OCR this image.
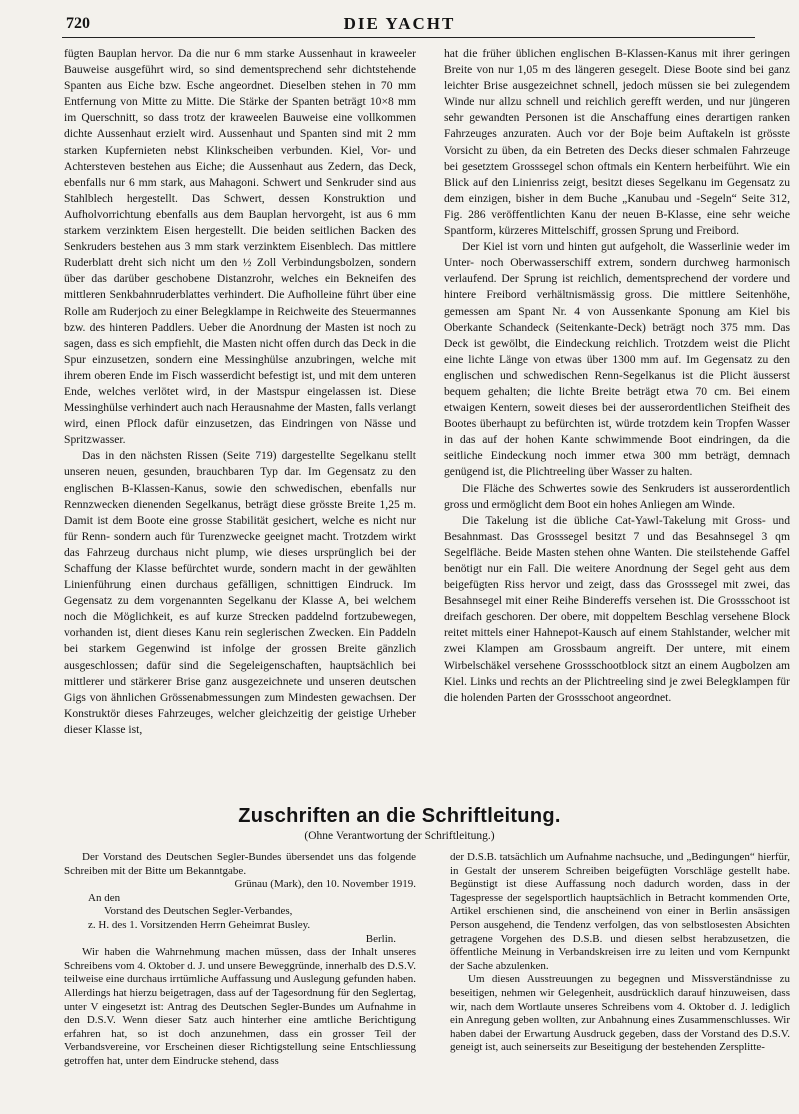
720	DIE YACHT

fügten Bauplan hervor. Da die nur 6 mm starke Aussenhaut in kraweeler Bauweise ausgeführt wird, so sind dementsprechend sehr dichtstehende Spanten aus Eiche bzw. Esche angeordnet. Dieselben stehen in 70 mm Entfernung von Mitte zu Mitte. Die Stärke der Spanten beträgt 10×8 mm im Querschnitt, so dass trotz der kraweelen Bauweise eine vollkommen dichte Aussenhaut erzielt wird. Aussenhaut und Spanten sind mit 2 mm starken Kupfernieten nebst Klinkscheiben verbunden. Kiel, Vor- und Achtersteven bestehen aus Eiche; die Aussenhaut aus Zedern, das Deck, ebenfalls nur 6 mm stark, aus Mahagoni. Schwert und Senkruder sind aus Stahlblech hergestellt. Das Schwert, dessen Konstruktion und Aufholvorrichtung ebenfalls aus dem Bauplan hervorgeht, ist aus 6 mm starkem verzinktem Eisen hergestellt. Die beiden seitlichen Backen des Senkruders bestehen aus 3 mm stark verzinktem Eisenblech. Das mittlere Ruderblatt dreht sich nicht um den ½ Zoll Verbindungsbolzen, sondern über das darüber geschobene Distanzrohr, welches ein Bekneifen des mittleren Senkbahnruderblattes verhindert. Die Aufholleine führt über eine Rolle am Ruderjoch zu einer Belegklampe in Reichweite des Steuermannes bzw. des hinteren Paddlers. Ueber die Anordnung der Masten ist noch zu sagen, dass es sich empfiehlt, die Masten nicht offen durch das Deck in die Spur einzusetzen, sondern eine Messinghülse anzubringen, welche mit ihrem oberen Ende im Fisch wasserdicht befestigt ist, und mit dem unteren Ende, welches verlötet wird, in der Mastspur eingelassen ist. Diese Messinghülse verhindert auch nach Herausnahme der Masten, falls verlangt wird, einen Pflock dafür einzusetzen, das Eindringen von Nässe und Spritzwasser.

Das in den nächsten Rissen (Seite 719) dargestellte Segelkanu stellt unseren neuen, gesunden, brauchbaren Typ dar. Im Gegensatz zu den englischen B-Klassen-Kanus, sowie den schwedischen, ebenfalls nur Rennzwecken dienenden Segelkanus, beträgt diese grösste Breite 1,25 m. Damit ist dem Boote eine grosse Stabilität gesichert, welche es nicht nur für Renn- sondern auch für Turenzwecke geeignet macht. Trotzdem wirkt das Fahrzeug durchaus nicht plump, wie dieses ursprünglich bei der Schaffung der Klasse befürchtet wurde, sondern macht in der gewählten Linienführung einen durchaus gefälligen, schnittigen Eindruck. Im Gegensatz zu dem vorgenannten Segelkanu der Klasse A, bei welchem noch die Möglichkeit, es auf kurze Strecken paddelnd fortzubewegen, vorhanden ist, dient dieses Kanu rein seglerischen Zwecken. Ein Paddeln bei starkem Gegenwind ist infolge der grossen Breite gänzlich ausgeschlossen; dafür sind die Segeleigenschaften, hauptsächlich bei mittlerer und stärkerer Brise ganz ausgezeichnete und unseren deutschen Gigs von ähnlichen Grössenabmessungen zum Mindesten gewachsen. Der Konstruktör dieses Fahrzeuges, welcher gleichzeitig der geistige Urheber dieser Klasse ist,

hat die früher üblichen englischen B-Klassen-Kanus mit ihrer geringen Breite von nur 1,05 m des längeren gesegelt. Diese Boote sind bei ganz leichter Brise ausgezeichnet schnell, jedoch müssen sie bei zulegendem Winde nur allzu schnell und reichlich gerefft werden, und nur jüngeren sehr gewandten Personen ist die Anschaffung eines derartigen ranken Fahrzeuges anzuraten. Auch vor der Boje beim Auftakeln ist grösste Vorsicht zu üben, da ein Betreten des Decks dieser schmalen Fahrzeuge bei gesetztem Grosssegel schon oftmals ein Kentern herbeiführt. Wie ein Blick auf den Linienriss zeigt, besitzt dieses Segelkanu im Gegensatz zu dem einzigen, bisher in dem Buche „Kanubau und -Segeln“ Seite 312, Fig. 286 veröffentlichten Kanu der neuen B-Klasse, eine sehr weiche Spantform, kürzeres Mittelschiff, grossen Sprung und Freibord.

Der Kiel ist vorn und hinten gut aufgeholt, die Wasserlinie weder im Unter- noch Oberwasserschiff extrem, sondern durchweg harmonisch verlaufend. Der Sprung ist reichlich, dementsprechend der vordere und hintere Freibord verhältnismässig gross. Die mittlere Seitenhöhe, gemessen am Spant Nr. 4 von Aussenkante Sponung am Kiel bis Oberkante Schandeck (Seitenkante-Deck) beträgt noch 375 mm. Das Deck ist gewölbt, die Eindeckung reichlich. Trotzdem weist die Plicht eine lichte Länge von etwas über 1300 mm auf. Im Gegensatz zu den englischen und schwedischen Renn-Segelkanus ist die Plicht äusserst bequem gehalten; die lichte Breite beträgt etwa 70 cm. Bei einem etwaigen Kentern, soweit dieses bei der ausserordentlichen Steifheit des Bootes überhaupt zu befürchten ist, würde trotzdem kein Tropfen Wasser in das auf der hohen Kante schwimmende Boot eindringen, da die seitliche Eindeckung noch immer etwa 300 mm beträgt, demnach genügend ist, die Plichtreeling über Wasser zu halten.

Die Fläche des Schwertes sowie des Senkruders ist ausserordentlich gross und ermöglicht dem Boot ein hohes Anliegen am Winde.

Die Takelung ist die übliche Cat-Yawl-Takelung mit Gross- und Besahnmast. Das Grosssegel besitzt 7 und das Besahnsegel 3 qm Segelfläche. Beide Masten stehen ohne Wanten. Die steilstehende Gaffel benötigt nur ein Fall. Die weitere Anordnung der Segel geht aus dem beigefügten Riss hervor und zeigt, dass das Grosssegel mit zwei, das Besahnsegel mit einer Reihe Bindereffs versehen ist. Die Grossschoot ist dreifach geschoren. Der obere, mit doppeltem Beschlag versehene Block reitet mittels einer Hahnepot-Kausch auf einem Stahlstander, welcher mit zwei Klampen am Grossbaum angreift. Der untere, mit einem Wirbelschäkel versehene Grossschootblock sitzt an einem Augbolzen am Kiel. Links und rechts an der Plichtreeling sind je zwei Belegklampen für die holenden Parten der Grossschoot angeordnet.

Zuschriften an die Schriftleitung.
(Ohne Verantwortung der Schriftleitung.)

Der Vorstand des Deutschen Segler-Bundes übersendet uns das folgende Schreiben mit der Bitte um Bekanntgabe.

Grünau (Mark), den 10. November 1919.

An den

Vorstand des Deutschen Segler-Verbandes,

z. H. des 1. Vorsitzenden Herrn Geheimrat Busley.

Berlin.

Wir haben die Wahrnehmung machen müssen, dass der Inhalt unseres Schreibens vom 4. Oktober d. J. und unsere Beweggründe, innerhalb des D.S.V. teilweise eine durchaus irrtümliche Auffassung und Auslegung gefunden haben. Allerdings hat hierzu beigetragen, dass auf der Tagesordnung für den Seglertag, unter V eingesetzt ist: Antrag des Deutschen Segler-Bundes um Aufnahme in den D.S.V. Wenn dieser Satz auch hinterher eine amtliche Berichtigung erfahren hat, so ist doch anzunehmen, dass ein grosser Teil der Verbandsvereine, vor Erscheinen dieser Richtigstellung seine Entschliessung getroffen hat, unter dem Eindrucke stehend, dass

der D.S.B. tatsächlich um Aufnahme nachsuche, und „Bedingungen“ hierfür, in Gestalt der unserem Schreiben beigefügten Vorschläge gestellt habe. Begünstigt ist diese Auffassung noch dadurch worden, dass in der Tagespresse der segelsportlich hauptsächlich in Betracht kommenden Orte, Artikel erschienen sind, die anscheinend von einer in Berlin ansässigen Person ausgehend, die Tendenz verfolgen, das von selbstlosesten Absichten getragene Vorgehen des D.S.B. und diesen selbst herabzusetzen, die öffentliche Meinung in Verbandskreisen irre zu leiten und vom Kernpunkt der Sache abzulenken.

Um diesen Ausstreuungen zu begegnen und Missverständnisse zu beseitigen, nehmen wir Gelegenheit, ausdrücklich darauf hinzuweisen, dass wir, nach dem Wortlaute unseres Schreibens vom 4. Oktober d. J. lediglich ein Anregung geben wollten, zur Anbahnung eines Zusammenschlusses. Wir haben dabei der Erwartung Ausdruck gegeben, dass der Vorstand des D.S.V. geneigt ist, auch seinerseits zur Beseitigung der bestehenden Zersplitte-
